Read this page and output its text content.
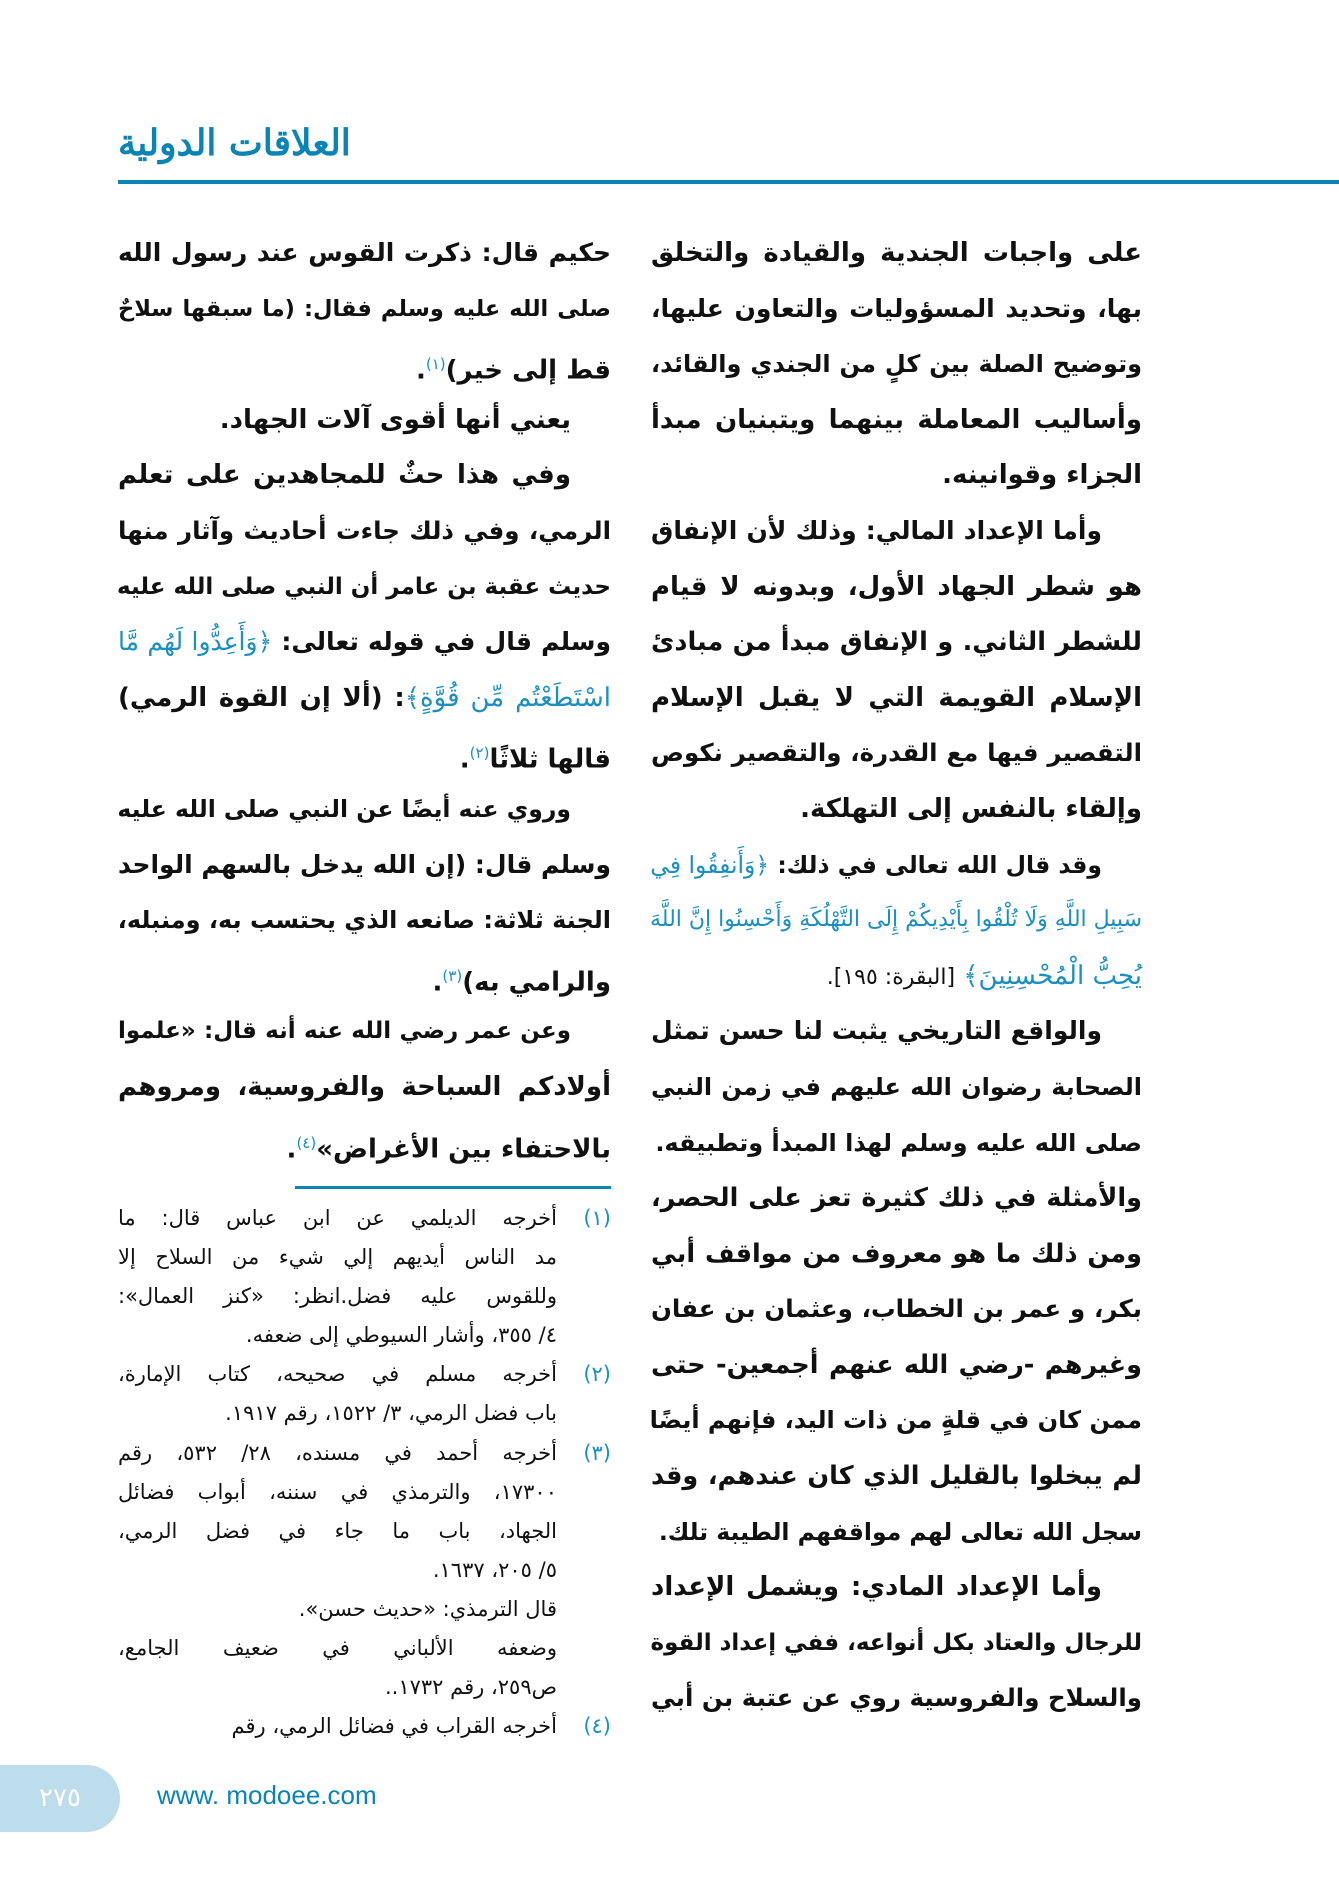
العلاقات الدولية
على واجبات الجندية والقيادة والتخلق
بها، وتحديد المسؤوليات والتعاون عليها،
وتوضيح الصلة بين كلٍ من الجندي والقائد،
وأساليب المعاملة بينهما ويتبنيان مبدأ
الجزاء وقوانينه.
وأما الإعداد المالي: وذلك لأن الإنفاق
هو شطر الجهاد الأول، وبدونه لا قيام
للشطر الثاني. و الإنفاق مبدأ من مبادئ
الإسلام القويمة التي لا يقبل الإسلام
التقصير فيها مع القدرة، والتقصير نكوص
وإلقاء بالنفس إلى التهلكة.
وقد قال الله تعالى في ذلك: ﴿وَأَنفِقُوا فِي
سَبِيلِ اللَّهِ وَلَا تُلْقُوا بِأَيْدِيكُمْ إِلَى التَّهْلُكَةِ وَأَحْسِنُوا إِنَّ اللَّهَ
يُحِبُّ الْمُحْسِنِينَ﴾ [البقرة: ١٩٥].
والواقع التاريخي يثبت لنا حسن تمثل
الصحابة رضوان الله عليهم في زمن النبي
صلى الله عليه وسلم لهذا المبدأ وتطبيقه.
والأمثلة في ذلك كثيرة تعز على الحصر،
ومن ذلك ما هو معروف من مواقف أبي
بكر، و عمر بن الخطاب، وعثمان بن عفان
وغيرهم -رضي الله عنهم أجمعين- حتى
ممن كان في قلةٍ من ذات اليد، فإنهم أيضًا
لم يبخلوا بالقليل الذي كان عندهم، وقد
سجل الله تعالى لهم مواقفهم الطيبة تلك.
وأما الإعداد المادي: ويشمل الإعداد
للرجال والعتاد بكل أنواعه، ففي إعداد القوة
والسلاح والفروسية روي عن عتبة بن أبي
حكيم قال: ذكرت القوس عند رسول الله
صلى الله عليه وسلم فقال: (ما سبقها سلاحٌ
قط إلى خير)$^{(١)}$.
يعني أنها أقوى آلات الجهاد.
وفي هذا حثٌ للمجاهدين على تعلم
الرمي، وفي ذلك جاءت أحاديث وآثار منها
حديث عقبة بن عامر أن النبي صلى الله عليه
وسلم قال في قوله تعالى: ﴿وَأَعِدُّوا لَهُم مَّا
اسْتَطَعْتُم مِّن قُوَّةٍ﴾: (ألا إن القوة الرمي)
قالها ثلاثًا$^{(٢)}$.
وروي عنه أيضًا عن النبي صلى الله عليه
وسلم قال: (إن الله يدخل بالسهم الواحد
الجنة ثلاثة: صانعه الذي يحتسب به، ومنبله،
والرامي به)$^{(٣)}$.
وعن عمر رضي الله عنه أنه قال: «علموا
أولادكم السباحة والفروسية، ومروهم
بالاحتفاء بين الأغراض»$^{(٤)}$.
(١)
أخرجه الديلمي عن ابن عباس قال: ما
مد الناس أيديهم إلي شيء من السلاح إلا
وللقوس عليه فضل.انظر: «كنز العمال»:
٤/ ٣٥٥، وأشار السيوطي إلى ضعفه.
(٢)
أخرجه مسلم في صحيحه، كتاب الإمارة،
باب فضل الرمي، ٣/ ١٥٢٢، رقم ١٩١٧.
(٣)
أخرجه أحمد في مسنده، ٢٨/ ٥٣٢، رقم
١٧٣٠٠، والترمذي في سننه، أبواب فضائل
الجهاد، باب ما جاء في فضل الرمي،
٥/ ٢٠٥، ١٦٣٧.
قال الترمذي: «حديث حسن».
وضعفه الألباني في ضعيف الجامع،
ص٢٥٩، رقم ١٧٣٢..
(٤)
أخرجه القراب في فضائل الرمي، رقم
٢٧٥	www. modoee.com
